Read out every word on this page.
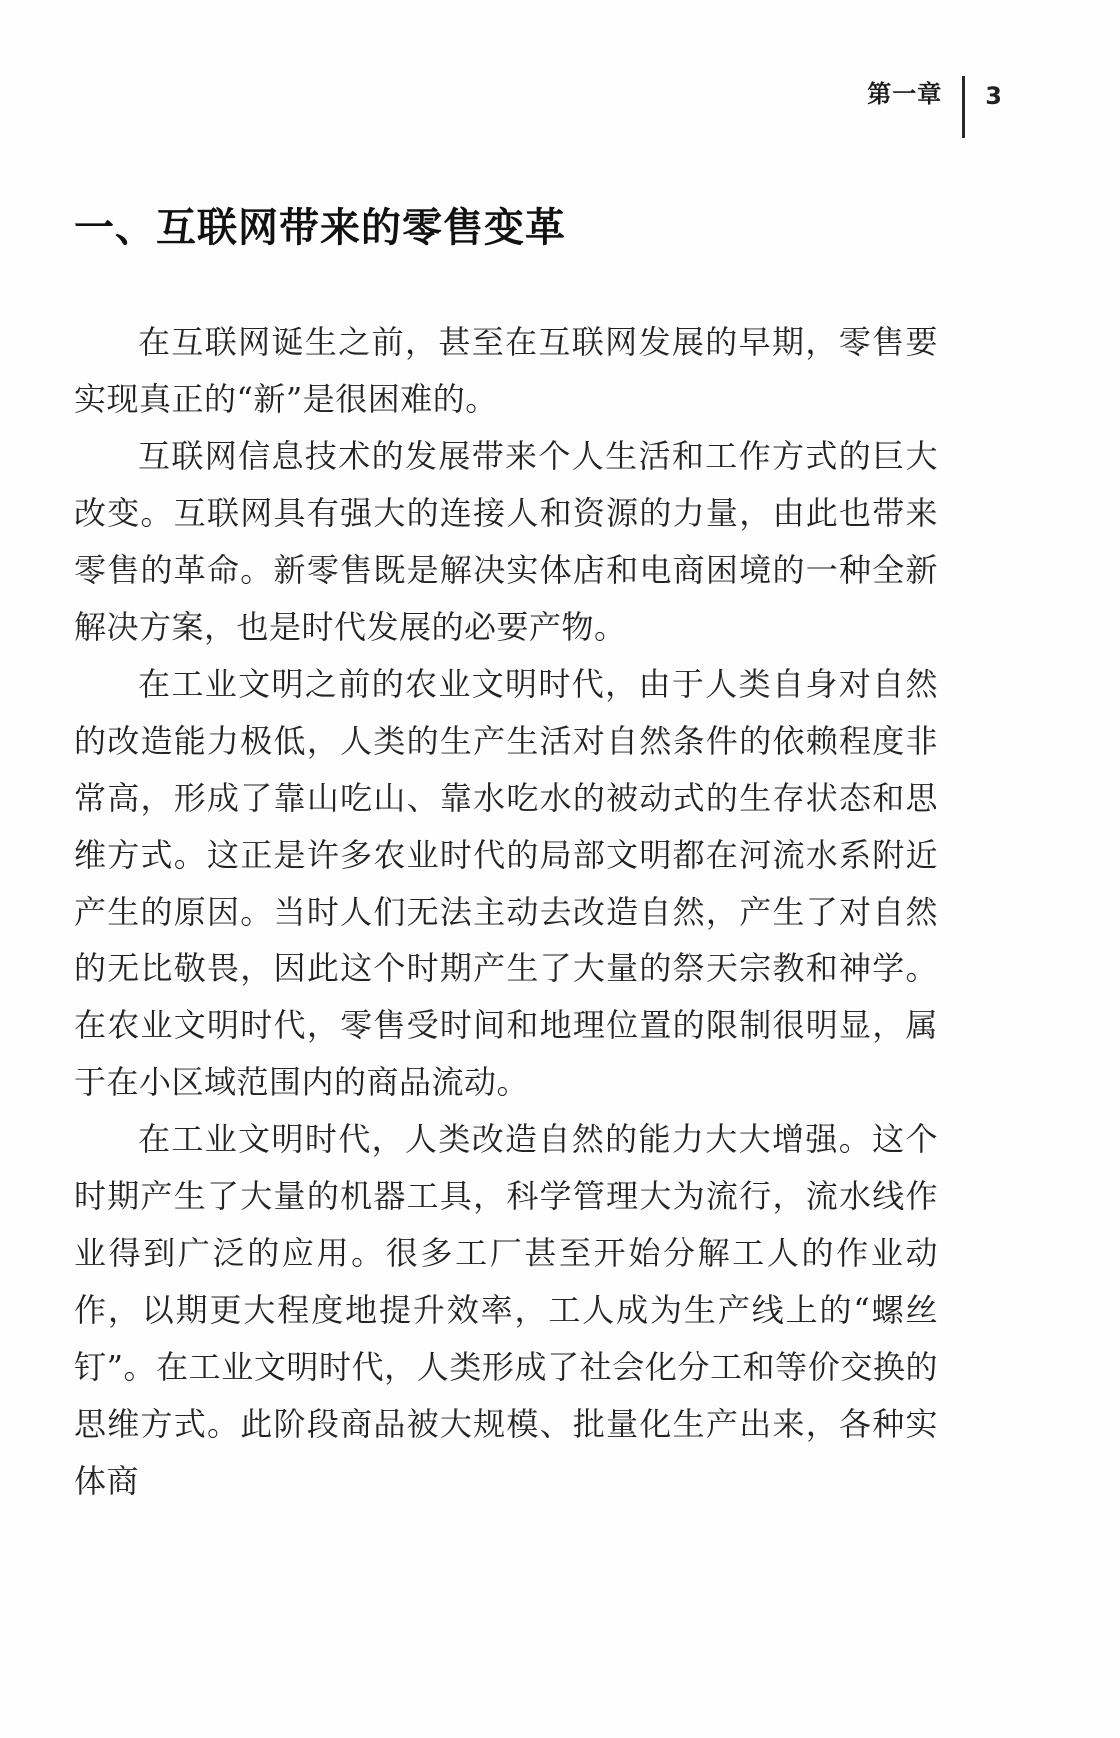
第一章 3
一、互联网带来的零售变革

在互联网诞生之前，甚至在互联网发展的早期，零售要实现真正的“新”是很困难的。

互联网信息技术的发展带来个人生活和工作方式的巨大改变。互联网具有强大的连接人和资源的力量，由此也带来零售的革命。新零售既是解决实体店和电商困境的一种全新解决方案，也是时代发展的必要产物。

在工业文明之前的农业文明时代，由于人类自身对自然的改造能力极低，人类的生产生活对自然条件的依赖程度非常高，形成了靠山吃山、靠水吃水的被动式的生存状态和思维方式。这正是许多农业时代的局部文明都在河流水系附近产生的原因。当时人们无法主动去改造自然，产生了对自然的无比敬畏，因此这个时期产生了大量的祭天宗教和神学。在农业文明时代，零售受时间和地理位置的限制很明显，属于在小区域范围内的商品流动。

在工业文明时代，人类改造自然的能力大大增强。这个时期产生了大量的机器工具，科学管理大为流行，流水线作业得到广泛的应用。很多工厂甚至开始分解工人的作业动作，以期更大程度地提升效率，工人成为生产线上的“螺丝钉”。在工业文明时代，人类形成了社会化分工和等价交换的思维方式。此阶段商品被大规模、批量化生产出来，各种实体商
